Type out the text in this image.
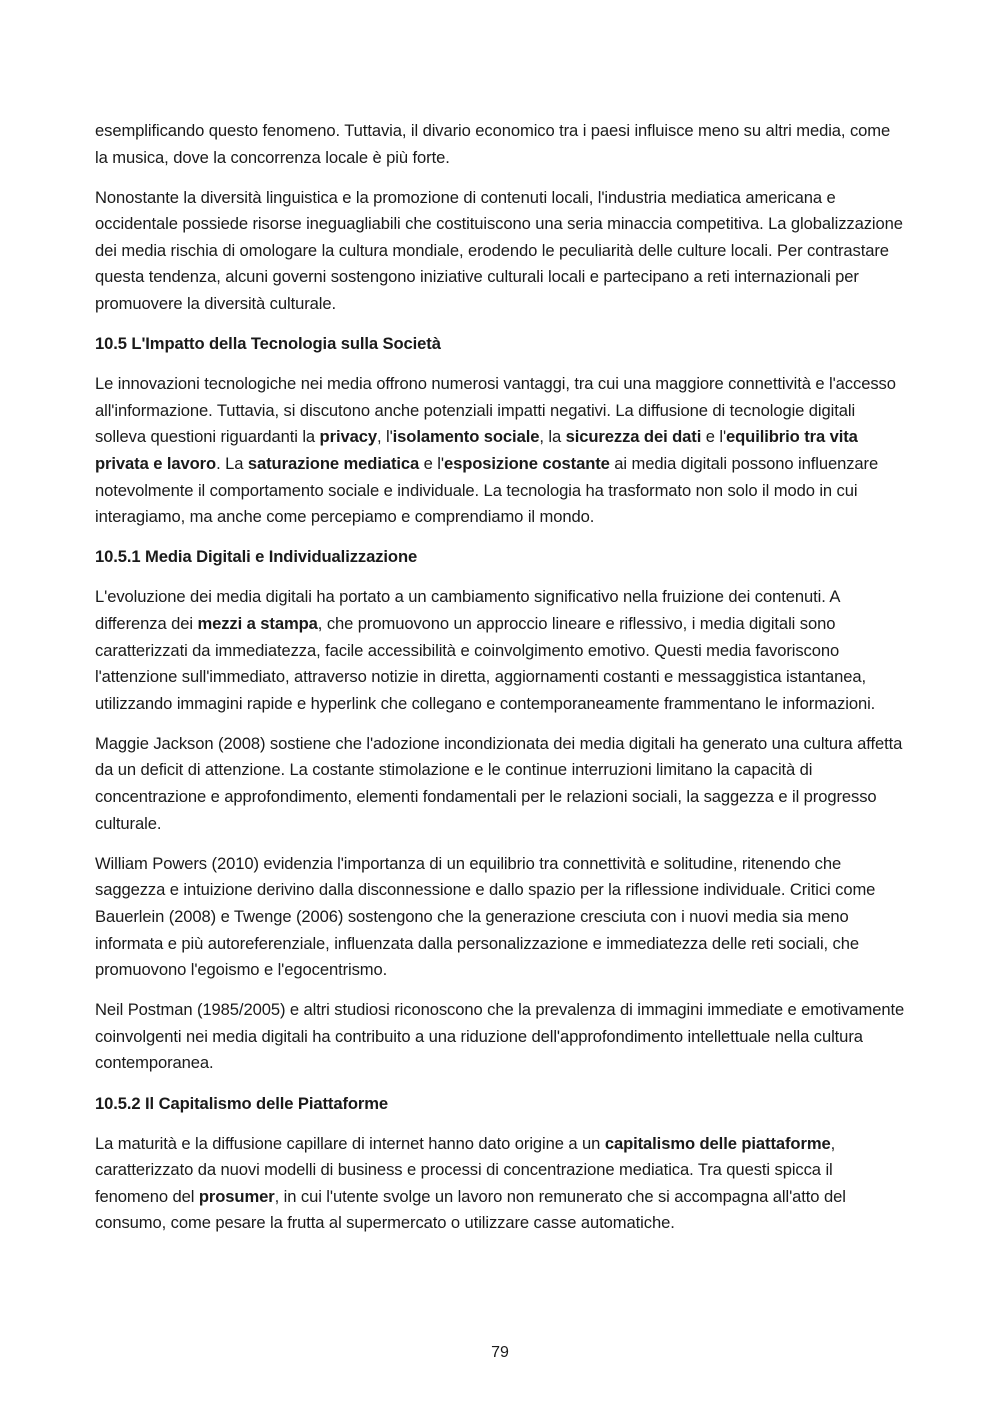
esemplificando questo fenomeno. Tuttavia, il divario economico tra i paesi influisce meno su altri media, come la musica, dove la concorrenza locale è più forte.

Nonostante la diversità linguistica e la promozione di contenuti locali, l'industria mediatica americana e occidentale possiede risorse ineguagliabili che costituiscono una seria minaccia competitiva. La globalizzazione dei media rischia di omologare la cultura mondiale, erodendo le peculiarità delle culture locali. Per contrastare questa tendenza, alcuni governi sostengono iniziative culturali locali e partecipano a reti internazionali per promuovere la diversità culturale.

10.5 L'Impatto della Tecnologia sulla Società

Le innovazioni tecnologiche nei media offrono numerosi vantaggi, tra cui una maggiore connettività e l'accesso all'informazione. Tuttavia, si discutono anche potenziali impatti negativi. La diffusione di tecnologie digitali solleva questioni riguardanti la privacy, l'isolamento sociale, la sicurezza dei dati e l'equilibrio tra vita privata e lavoro. La saturazione mediatica e l'esposizione costante ai media digitali possono influenzare notevolmente il comportamento sociale e individuale. La tecnologia ha trasformato non solo il modo in cui interagiamo, ma anche come percepiamo e comprendiamo il mondo.

10.5.1 Media Digitali e Individualizzazione

L'evoluzione dei media digitali ha portato a un cambiamento significativo nella fruizione dei contenuti. A differenza dei mezzi a stampa, che promuovono un approccio lineare e riflessivo, i media digitali sono caratterizzati da immediatezza, facile accessibilità e coinvolgimento emotivo. Questi media favoriscono l'attenzione sull'immediato, attraverso notizie in diretta, aggiornamenti costanti e messaggistica istantanea, utilizzando immagini rapide e hyperlink che collegano e contemporaneamente frammentano le informazioni.

Maggie Jackson (2008) sostiene che l'adozione incondizionata dei media digitali ha generato una cultura affetta da un deficit di attenzione. La costante stimolazione e le continue interruzioni limitano la capacità di concentrazione e approfondimento, elementi fondamentali per le relazioni sociali, la saggezza e il progresso culturale.

William Powers (2010) evidenzia l'importanza di un equilibrio tra connettività e solitudine, ritenendo che saggezza e intuizione derivino dalla disconnessione e dallo spazio per la riflessione individuale. Critici come Bauerlein (2008) e Twenge (2006) sostengono che la generazione cresciuta con i nuovi media sia meno informata e più autoreferenziale, influenzata dalla personalizzazione e immediatezza delle reti sociali, che promuovono l'egoismo e l'egocentrismo.

Neil Postman (1985/2005) e altri studiosi riconoscono che la prevalenza di immagini immediate e emotivamente coinvolgenti nei media digitali ha contribuito a una riduzione dell'approfondimento intellettuale nella cultura contemporanea.

10.5.2 Il Capitalismo delle Piattaforme

La maturità e la diffusione capillare di internet hanno dato origine a un capitalismo delle piattaforme, caratterizzato da nuovi modelli di business e processi di concentrazione mediatica. Tra questi spicca il fenomeno del prosumer, in cui l'utente svolge un lavoro non remunerato che si accompagna all'atto del consumo, come pesare la frutta al supermercato o utilizzare casse automatiche.

79
